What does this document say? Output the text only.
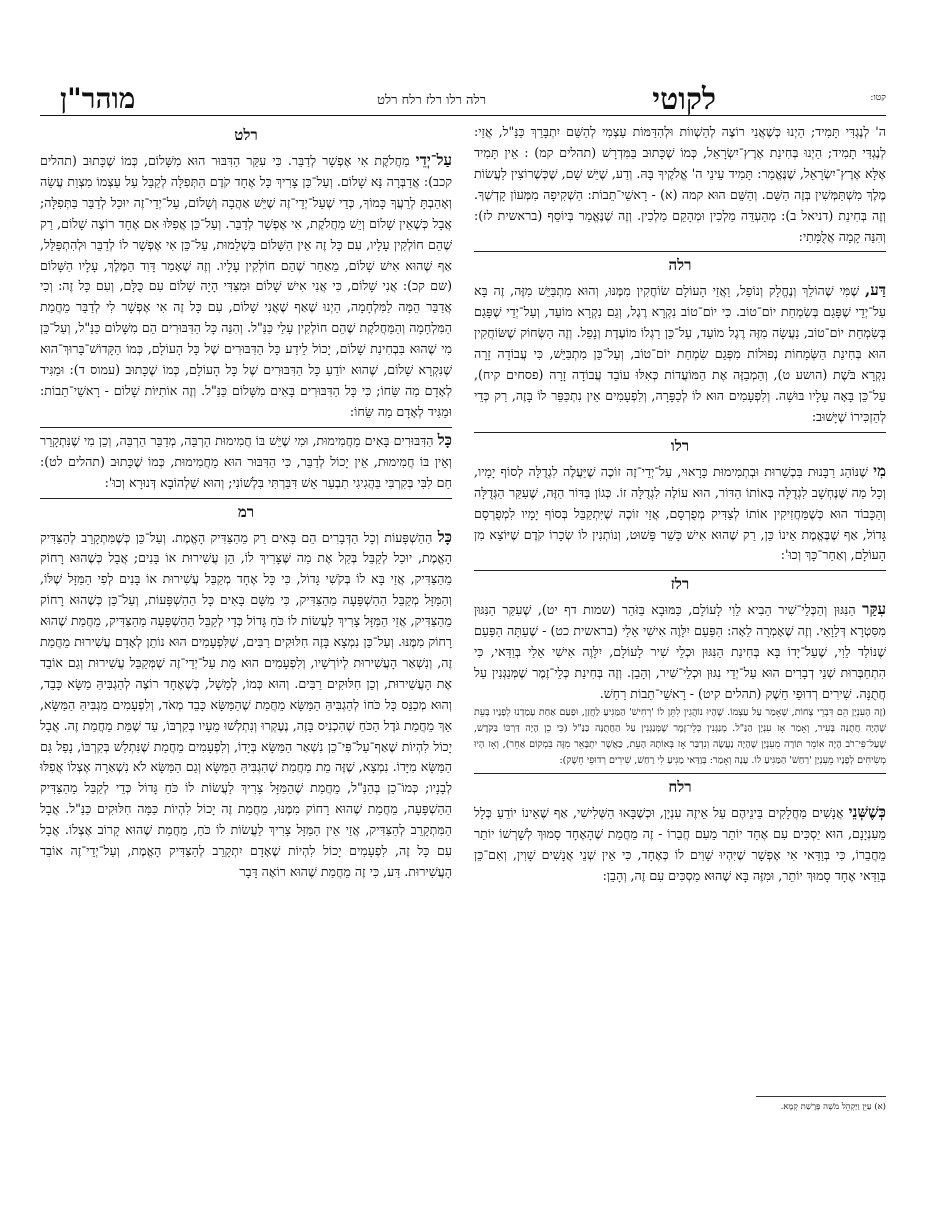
לקוטי
רלה רלו רלז רלח רלט
מוהר"ן	קטו:

ה' לְנֶגְדִּי תָּמִיד; הַיְנוּ כְּשֶׁאֲנִי רוֹצֶה לְהַשְׁווֹת וּלְהִדַּמּוֹת עַצְמִי לְהַשֵּׁם יִתְבָּרַךְ כַּנַּ"ל, אֲזַי: לְנֶגְדִּי תָמִיד; הַיְנוּ בְּחִינַת אֶרֶץ־יִשְׂרָאֵל, כְּמוֹ שֶׁכָּתוּב בַּמִּדְרָשׁ (תהלים קמ) : אֵין תָּמִיד אֶלָּא אֶרֶץ־יִשְׂרָאֵל, שֶׁנֶּאֱמַר: תָּמִיד עֵינֵי ה' אֱלֹקֶיךָ בָּהּ. וְדַע, שֶׁיֵּשׁ שָׁם, שֶׁכְּשֶׁרוֹצִין לַעֲשׂוֹת מֶלֶךְ מִשְׁתַּמְּשִׁין בְּזֶה הַשֵּׁם. וְהַשֵּׁם הוּא קמה (א) - רָאשֵׁי־תֵבוֹת: הַשְׁקִיפָה מִמְּעוֹן קָדְשְׁךָ. וְזֶה בְּחִינַת (דניאל ב): מְהַעְדֵּה מַלְכִין וּמְהָקֵם מַלְכִין. וְזֶה שֶׁנֶּאֱמַר בְּיוֹסֵף (בראשית לז): וְהִנֵּה קָמָה אֲלֻמָּתִי:

רלה

דַּע, שֶׁמִּי שֶׁהוֹלֵךְ וְנֶחֱלָק וְנוֹפֵל, וַאֲזַי הָעוֹלָם שׂוֹחֲקִין מִמֶּנּוּ, וְהוּא מִתְבַּיֵּשׁ מִזֶּה, זֶה בָּא עַל־יְדֵי שֶׁפָּגַם בְּשִׂמְחַת יוֹם־טוֹב. כִּי יוֹם־טוֹב נִקְרָא רֶגֶל, וְגַם נִקְרָא מוֹעֵד, וְעַל־יְדֵי שֶׁפָּגַם בְּשִׂמְחַת יוֹם־טוֹב, נַעֲשָׂה מִזֶּה רֶגֶל מוֹעֵד, עַל־כֵּן רַגְלוֹ מוֹעֶדֶת וְנָפַל. וְזֶה הַשְּׂחוֹק שֶׁשּׂוֹחֲקִין הוּא בְּחִינַת הַשְּׂמָחוֹת נְפוּלוֹת מִפְּגַם שִׂמְחַת יוֹם־טוֹב, וְעַל־כֵּן מִתְבַּיֵּשׁ, כִּי עֲבוֹדָה זָרָה נִקְרָא בֹּשֶׁת (הושע ט), וְהַמְבַזֶּה אֶת הַמּוֹעֲדוֹת כְּאִלּוּ עוֹבֵד עֲבוֹדָה זָרָה (פסחים קיח), עַל־כֵּן בָּאָה עָלָיו בּוּשָׁה. וְלִפְעָמִים הוּא לוֹ לְכַפָּרָה, וְלִפְעָמִים אֵין נִתְכַּפֵּר לוֹ בָּזֶה, רַק כְּדֵי לְהַזְכִּירוֹ שֶׁיָּשׁוּב:

רלו

מִי שֶׁנּוֹהֵג רַבָּנוּת בִּכְשֵׁרוּת וּבְתְמִימוּת כָּרָאוּי, עַל־יְדֵי־זֶה זוֹכֶה שֶׁיַּעֲלֶה לִגְדֻלָּה לְסוֹף יָמָיו, וְכָל מַה שֶּׁנֶּחְשָׁב לִגְדֻלָּה בְּאוֹתוֹ הַדּוֹר, הוּא עוֹלֶה לִגְדֻלָּה זוֹ. כְּגוֹן בַּדּוֹר הַזֶּה, שֶׁעִקַּר הַגְּדֻלָּה וְהַכָּבוֹד הוּא כְּשֶׁמַּחֲזִיקִין אוֹתוֹ לְצַדִּיק מְפֻרְסָם, אֲזַי זוֹכֶה שֶׁיִּתְקַבֵּל בְּסוֹף יָמָיו לִמְפֻרְסָם גָּדוֹל, אַף שֶׁבֶּאֱמֶת אֵינוֹ כֵּן, רַק שֶׁהוּא אִישׁ כָּשֵׁר פָּשׁוּט, וְנוֹתְנִין לוֹ שְׂכָרוֹ קֹדֶם שֶׁיּוֹצֵא מִן הָעוֹלָם, וְאַחַר־כָּךְ וְכוּ':

רלז

עִקַּר הַנִּגּוּן וְהַכְּלֵי־שִׁיר הֵבִיא לֵוִי לָעוֹלָם, כַּמּוּבָא בַּזֹּהַר (שמות דף יט), שֶׁעִקַּר הַנִּגּוּן מִסִּטְרָא דְּלֵוָאֵי. וְזֶה שֶׁאָמְרָה לֵאָה: הַפַּעַם יִלָּוֶה אִישִׁי אֵלַי (בראשית כט) - שֶׁעַתָּה הַפַּעַם שֶׁנּוֹלַד לֵוִי, שֶׁעַל־יָדוֹ בָּא בְּחִינַת הַנִּגּוּן וּכְלֵי שִׁיר לָעוֹלָם, יִלָּוֶה אִישִׁי אֵלַי בְּוַדַּאי, כִּי הִתְחַבְּרוּת שְׁנֵי דְבָרִים הוּא עַל־יְדֵי נִגּוּן וּכְלֵי־שִׁיר, וְהָבֵן. וְזֶה בְּחִינַת כְּלֵי־זֶמֶר שֶׁמְּנַגְּנִין עַל חֲתֻנָּה. שִׁירִים רְדוּפֵי חֵשֶׁק (תהלים קיט) - רָאשֵׁי־תֵבוֹת רַחַשׁ.

(זֶה הָעִנְיָן הֵם דִּבְרֵי צְחוֹת, שֶׁאָמַר עַל עַצְמוֹ. שֶׁהָיוּ נוֹהֲגִין לִתֵּן לוֹ 'רְחִישׁ' הַמַּגִּיעַ לַחֲזַן, וּפַעַם אַחַת עָמַדְנוּ לְפָנָיו בְּעֵת שֶׁהָיָה חֲתֻנָּה בָּעִיר, וְאָמַר אָז עִנְיָן הַנַּ"ל. מְנַגְּנִין כְּלֵי־זֶמֶר שֶׁמְּנַגְּנִין עַל הַחֲתֻנָּה כַּנַּ"ל (כִּי כֵן הָיָה דַּרְכּוֹ בַּקֹּדֶשׁ, שֶׁעַל־פִּי־רֹב הָיָה אוֹמֵר תּוֹרָה מֵעִנְיָן שֶׁהָיָה נַעֲשָׂה וְנִדְבַּר אָז בְּאוֹתָהּ הָעֵת, כַּאֲשֶׁר יִתְבָּאֵר מִזֶּה בִּמְקוֹם אַחֵר), וְאָז הָיוּ מְשִׂיחִים לְפָנָיו מֵעִנְיַן 'רַחַשׁ' הַמַּגִּיעַ לוֹ. עָנָה וְאָמַר: בְּוַדַּאי מַגִּיעַ לִי רַחַשׁ, שִׁירִים רְדוּפֵי חֵשֶׁק):

רלח

כְּשֶׁשְּׁנֵי אֲנָשִׁים מַחֲלָקִים בֵּינֵיהֶם עַל אֵיזֶה עִנְיָן, וּכְשֶׁבָּאוּ הַשְּׁלִישִׁי, אַף שֶׁאֵינוֹ יוֹדֵעַ כְּלָל מֵעִנְיָנָם, הוּא יַסְכִּים עִם אֶחָד יוֹתֵר מֵעִם חֲבֵרוֹ - זֶה מֵחֲמַת שֶׁהָאֶחָד סָמוּךְ לְשָׁרְשׁוֹ יוֹתֵר מֵחֲבֵרוֹ, כִּי בְּוַדַּאי אִי אֶפְשָׁר שֶׁיִּהְיוּ שָׁוִים לוֹ כְּאֶחָד, כִּי אֵין שְׁנֵי אֲנָשִׁים שָׁוִין, וְאִם־כֵּן בְּוַדַּאי אֶחָד סָמוּךְ יוֹתֵר, וּמִזֶּה בָּא שֶׁהוּא מַסְכִּים עִם זֶה, וְהָבֵן:

רלט

עַל־יְדֵי מַחֲלֹקֶת אִי אֶפְשָׁר לְדַבֵּר. כִּי עִקַּר הַדִּבּוּר הוּא מִשָּׁלוֹם, כְּמוֹ שֶׁכָּתוּב (תהלים קכב): אֲדַבְּרָה נָּא שָׁלוֹם. וְעַל־כֵּן צָרִיךְ כָּל אֶחָד קֹדֶם הַתְּפִלָּה לְקַבֵּל עַל עַצְמוֹ מִצְוַת עֲשֵׂה וְאָהַבְתָּ לְרֵעֲךָ כָּמוֹךָ, כְּדֵי שֶׁעַל־יְדֵי־זֶה שֶׁיֵּשׁ אַהֲבָה וְשָׁלוֹם, עַל־יְדֵי־זֶה יוּכַל לְדַבֵּר בַּתְּפִלָּה; אֲבָל כְּשֶׁאֵין שָׁלוֹם וְיֵשׁ מַחֲלֹקֶת, אִי אֶפְשָׁר לְדַבֵּר. וְעַל־כֵּן אֲפִלּוּ אִם אֶחָד רוֹצֶה שָׁלוֹם, רַק שֶׁהֵם חוֹלְקִין עָלָיו, עִם כָּל זֶה אֵין הַשָּׁלוֹם בִּשְׁלֵמוּת, עַל־כֵּן אִי אֶפְשָׁר לוֹ לְדַבֵּר וּלְהִתְפַּלֵּל, אַף שֶׁהוּא אִישׁ שָׁלוֹם, מֵאַחַר שֶׁהֵם חוֹלְקִין עָלָיו. וְזֶה שֶׁאָמַר דָּוִד הַמֶּלֶךְ, עָלָיו הַשָּׁלוֹם (שם קכ): אֲנִי שָׁלוֹם, כִּי אֲנִי אִישׁ שָׁלוֹם וּמִצִּדִּי הָיָה שָׁלוֹם עִם כֻּלָּם, וְעִם כָּל זֶה: וְכִי אֲדַבֵּר הֵמָּה לַמִּלְחָמָה, הַיְנוּ שֶׁאַף שֶׁאֲנִי שָׁלוֹם, עִם כָּל זֶה אִי אֶפְשָׁר לִי לְדַבֵּר מֵחֲמַת הַמִּלְחָמָה וְהַמַּחֲלֹקֶת שֶׁהֵם חוֹלְקִין עָלַי כַּנַּ"ל. וְהִנֵּה כָּל הַדִּבּוּרִים הֵם מִשָּׁלוֹם כַּנַּ"ל, וְעַל־כֵּן מִי שֶׁהוּא בִּבְחִינַת שָׁלוֹם, יָכוֹל לֵידַע כָּל הַדִּבּוּרִים שֶׁל כָּל הָעוֹלָם, כְּמוֹ הַקָּדוֹשׁ־בָּרוּךְ־הוּא שֶׁנִּקְרָא שָׁלוֹם, שֶׁהוּא יוֹדֵעַ כָּל הַדִּבּוּרִים שֶׁל כָּל הָעוֹלָם, כְּמוֹ שֶׁכָּתוּב (עמוס ד): וּמַגִּיד לְאָדָם מַה שֵּׂחוֹ; כִּי כָּל הַדִּבּוּרִים בָּאִים מִשָּׁלוֹם כַּנַּ"ל. וְזֶה אוֹתִיּוֹת שָׁלוֹם - רָאשֵׁי־תֵבוֹת: וּמַגִּיד לְאָדָם מַה שֵּׂחוֹ:

כָּל הַדִּבּוּרִים בָּאִים מֵחֲמִימוּת, וּמִי שֶׁיֵּשׁ בּוֹ חֲמִימוּת הַרְבֵּה, מְדַבֵּר הַרְבֵּה, וְכֵן מִי שֶׁנִּתְקָרֵר וְאֵין בּוֹ חֲמִימוּת, אֵין יָכוֹל לְדַבֵּר, כִּי הַדִּבּוּר הוּא מֵחֲמִימוּת, כְּמוֹ שֶׁכָּתוּב (תהלים לט): חַם לִבִּי בְּקִרְבִּי בַּהֲגִיגִי תִבְעַר אֵשׁ דִּבַּרְתִּי בִּלְשׁוֹנִי; וְהוּא שַׁלְהוֹבָא דְּנוּרָא וְכוּ':

רמ

כָּל הַהַשְׁפָּעוֹת וְכָל הַדְּבָרִים הֵם בָּאִים רַק מֵהַצַּדִּיק הָאֱמֶת. וְעַל־כֵּן כְּשֶׁמִּתְקָרֵב לְהַצַּדִּיק הָאֱמֶת, יוּכַל לְקַבֵּל בְּקַל אֶת מַה שֶּׁצָּרִיךְ לוֹ, הֵן עֲשִׁירוּת אוֹ בָּנִים; אֲבָל כְּשֶׁהוּא רָחוֹק מֵהַצַּדִּיק, אֲזַי בָּא לוֹ בְּקֹשִׁי גָּדוֹל, כִּי כָּל אֶחָד מְקַבֵּל עֲשִׁירוּת אוֹ בָּנִים לְפִי הַמַּזָּל שֶׁלּוֹ, וְהַמַּזָּל מְקַבֵּל הַהַשְׁפָּעָה מֵהַצַּדִּיק, כִּי מִשָּׁם בָּאִים כָּל הַהַשְׁפָּעוֹת, וְעַל־כֵּן כְּשֶׁהוּא רָחוֹק מֵהַצַּדִּיק, אֲזַי הַמַּזָּל צָרִיךְ לַעֲשׂוֹת לוֹ כֹּחַ גָּדוֹל כְּדֵי לְקַבֵּל הַהַשְׁפָּעָה מֵהַצַּדִּיק, מֵחֲמַת שֶׁהוּא רָחוֹק מִמֶּנּוּ. וְעַל־כֵּן נִמְצָא בָּזֶה חִלּוּקִים רַבִּים, שֶׁלִּפְעָמִים הוּא נוֹתֵן לְאָדָם עֲשִׁירוּת מֵחֲמַת זֶה, וְנִשְׁאַר הָעֲשִׁירוּת לְיוֹרְשָׁיו, וְלִפְעָמִים הוּא מֵת עַל־יְדֵי־זֶה שֶׁמְּקַבֵּל עֲשִׁירוּת וְגַם אוֹבֵד אֶת הָעֲשִׁירוּת, וְכֵן חִלּוּקִים רַבִּים. וְהוּא כְּמוֹ, לְמָשָׁל, כְּשֶׁאֶחָד רוֹצֶה לְהַגְבִּיהַּ מַשָּׂא כָּבֵד, וְהוּא מְכַנֵּס כָּל כֹּחוֹ לְהַגְבִּיהַּ הַמַּשָּׂא מֵחֲמַת שֶׁהַמַּשָּׂא כָּבֵד מְאֹד, וְלִפְעָמִים מַגְבִּיהַּ הַמַּשָּׂא, אַךְ מֵחֲמַת גֹּדֶל הַכֹּחַ שֶׁהִכְנִיס בָּזֶה, נֶעֶקְרוּ וְנִתְלְשׁוּ מֵעָיו בְּקִרְבּוֹ, עַד שֶׁמֵּת מֵחֲמַת זֶה. אֲבָל יָכוֹל לִהְיוֹת שֶׁאַף־עַל־פִּי־כֵן נִשְׁאַר הַמַּשָּׂא בְּיָדוֹ, וְלִפְעָמִים מֵחֲמַת שֶׁנִּתְלַשׁ בְּקִרְבּוֹ, נָפַל גַּם הַמַּשָּׂא מִיָּדוֹ. נִמְצָא, שֶׁזֶּה מֵת מֵחֲמַת שֶׁהִגְבִּיהַּ הַמַּשָּׂא וְגַם הַמַּשָּׂא לֹא נִשְׁאַרָה אֶצְלוֹ אֲפִלּוּ לְבָנָיו; כְּמוֹ־כֵן בְּהַנַּ"ל, מֵחֲמַת שֶׁהַמַּזָּל צָרִיךְ לַעֲשׂוֹת לוֹ כֹּחַ גָּדוֹל כְּדֵי לְקַבֵּל מֵהַצַּדִּיק הַהַשְׁפָּעָה, מֵחֲמַת שֶׁהוּא רָחוֹק מִמֶּנּוּ, מֵחֲמַת זֶה יָכוֹל לִהְיוֹת כַּמָּה חִלּוּקִים כַּנַּ"ל. אֲבָל הַמִּתְקָרֵב לְהַצַּדִּיק, אֲזַי אֵין הַמַּזָּל צָרִיךְ לַעֲשׂוֹת לוֹ כֹּחַ, מֵחֲמַת שֶׁהוּא קָרוֹב אֶצְלוֹ. אֲבָל עִם כָּל זֶה, לִפְעָמִים יָכוֹל לִהְיוֹת שֶׁאָדָם יִתְקָרֵב לְהַצַּדִּיק הָאֱמֶת, וְעַל־יְדֵי־זֶה אוֹבֵד הָעֲשִׁירוּת. דַּע, כִּי זֶה מֵחֲמַת שֶׁהוּא רוֹאֶה דָּבָר

(א) עַיֵּן וַיַּקְהֵל מֹשֶׁה פָּרָשַׁת קְמָא.
